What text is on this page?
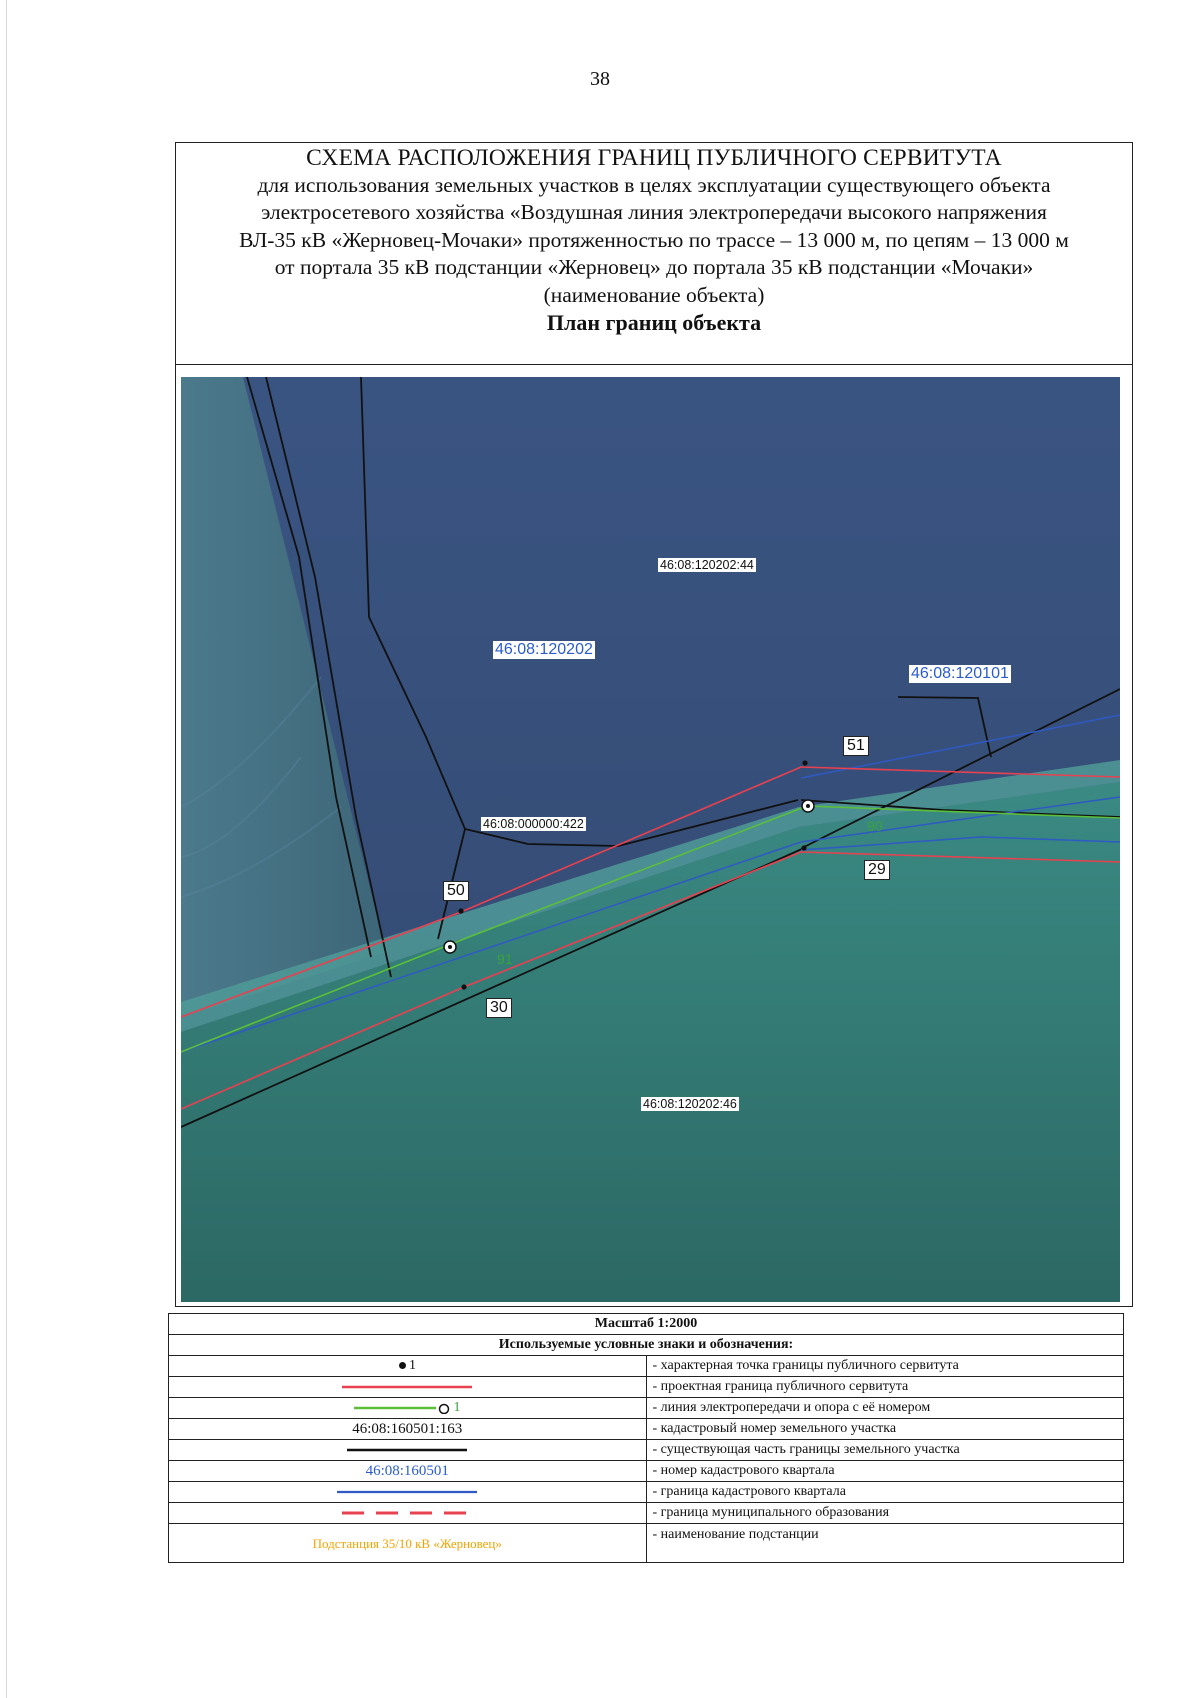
38
СХЕМА РАСПОЛОЖЕНИЯ ГРАНИЦ ПУБЛИЧНОГО СЕРВИТУТА
для использования земельных участков в целях эксплуатации существующего объекта
электросетевого хозяйства «Воздушная линия электропередачи высокого напряжения
ВЛ-35 кВ «Жерновец-Мочаки» протяженностью по трассе – 13 000 м, по цепям – 13 000 м
от портала 35 кВ подстанции «Жерновец» до портала 35 кВ подстанции «Мочаки»
(наименование объекта)
План границ объекта
46:08:120202:44
46:08:000000:422
46:08:120202:46
46:08:120202
46:08:120101
50
51
29
30
91
90
Масштаб 1:2000	
Используемые условные знаки и обозначения:	
1	- характерная точка границы публичного сервитута

	- проектная граница публичного сервитута
1	- линия электропередачи и опора с её номером
46:08:160501:163	- кадастровый номер земельного участка

	- существующая часть границы земельного участка
46:08:160501	- номер кадастрового квартала

	- граница кадастрового квартала

	- граница муниципального образования
Подстанция 35/10 кВ «Жерновец»	- наименование подстанции
